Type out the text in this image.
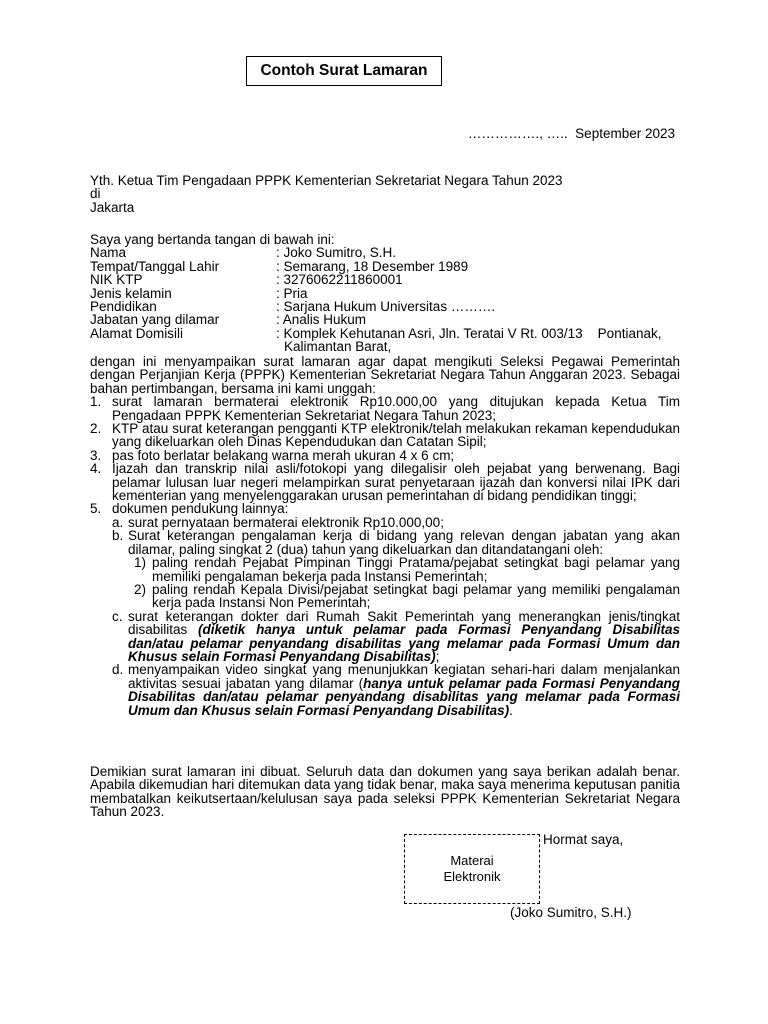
Contoh Surat Lamaran
……………., …..  September 2023
Yth. Ketua Tim Pengadaan PPPK Kementerian Sekretariat Negara Tahun 2023
di
Jakarta
Saya yang bertanda tangan di bawah ini:
Nama	: Joko Sumitro, S.H.
Tempat/Tanggal Lahir	: Semarang, 18 Desember 1989
NIK KTP	: 3276062211860001
Jenis kelamin	: Pria
Pendidikan	: Sarjana Hukum Universitas ……….
Jabatan yang dilamar	: Analis Hukum
Alamat Domisili	: Komplek Kehutanan Asri, Jln. Teratai V Rt. 003/13    Pontianak,
Kalimantan Barat,
dengan ini menyampaikan surat lamaran agar dapat mengikuti Seleksi Pegawai Pemerintah dengan Perjanjian Kerja (PPPK) Kementerian Sekretariat Negara Tahun Anggaran 2023. Sebagai bahan pertimbangan, bersama ini kami unggah:
1. surat lamaran bermaterai elektronik Rp10.000,00 yang ditujukan kepada Ketua Tim Pengadaan PPPK Kementerian Sekretariat Negara Tahun 2023;
2. KTP atau surat keterangan pengganti KTP elektronik/telah melakukan rekaman kependudukan yang dikeluarkan oleh Dinas Kependudukan dan Catatan Sipil;
3. pas foto berlatar belakang warna merah ukuran 4 x 6 cm;
4. Ijazah dan transkrip nilai asli/fotokopi yang dilegalisir oleh pejabat yang berwenang. Bagi pelamar lulusan luar negeri melampirkan surat penyetaraan ijazah dan konversi nilai IPK dari kementerian yang menyelenggarakan urusan pemerintahan di bidang pendidikan tinggi;
5. dokumen pendukung lainnya:
a. surat pernyataan bermaterai elektronik Rp10.000,00;
b. Surat keterangan pengalaman kerja di bidang yang relevan dengan jabatan yang akan dilamar, paling singkat 2 (dua) tahun yang dikeluarkan dan ditandatangani oleh:
1) paling rendah Pejabat Pimpinan Tinggi Pratama/pejabat setingkat bagi pelamar yang memiliki pengalaman bekerja pada Instansi Pemerintah;
2) paling rendah Kepala Divisi/pejabat setingkat bagi pelamar yang memiliki pengalaman kerja pada Instansi Non Pemerintah;
c. surat keterangan dokter dari Rumah Sakit Pemerintah yang menerangkan jenis/tingkat disabilitas (diketik hanya untuk pelamar pada Formasi Penyandang Disabilitas dan/atau pelamar penyandang disabilitas yang melamar pada Formasi Umum dan Khusus selain Formasi Penyandang Disabilitas);
d. menyampaikan video singkat yang menunjukkan kegiatan sehari-hari dalam menjalankan aktivitas sesuai jabatan yang dilamar (hanya untuk pelamar pada Formasi Penyandang Disabilitas dan/atau pelamar penyandang disabilitas yang melamar pada Formasi Umum dan Khusus selain Formasi Penyandang Disabilitas).
Demikian surat lamaran ini dibuat. Seluruh data dan dokumen yang saya berikan adalah benar. Apabila dikemudian hari ditemukan data yang tidak benar, maka saya menerima keputusan panitia membatalkan keikutsertaan/kelulusan saya pada seleksi PPPK Kementerian Sekretariat Negara Tahun 2023.
Materai
Elektronik
Hormat saya,
(Joko Sumitro, S.H.)
